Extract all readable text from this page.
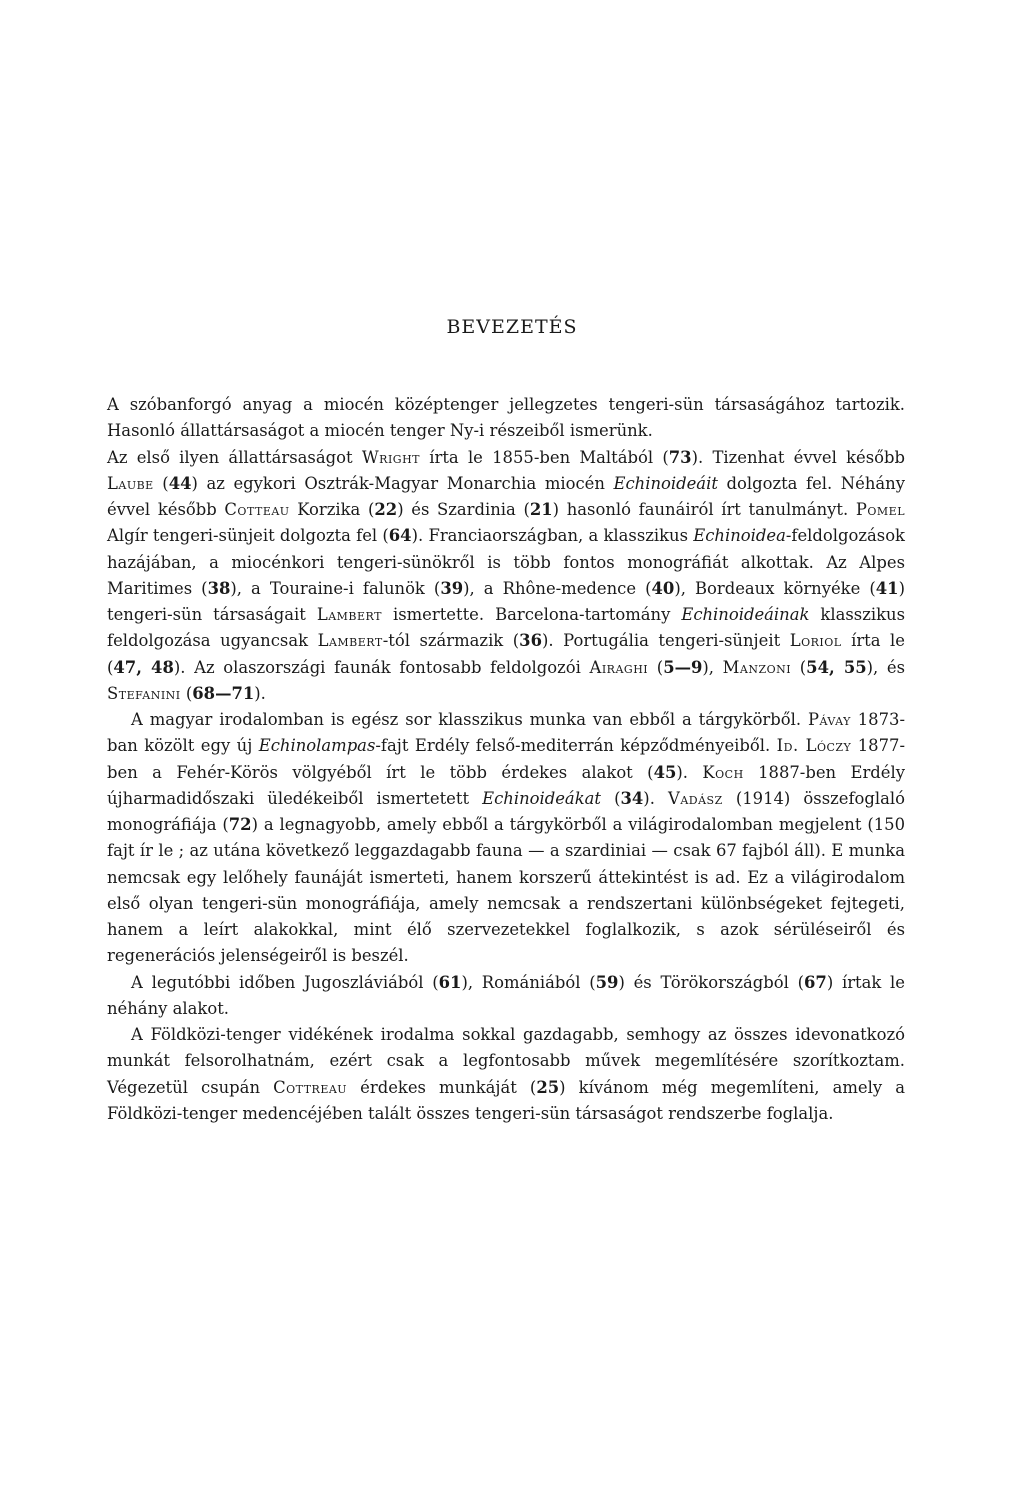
BEVEZETÉS

A szóbanforgó anyag a miocén középtenger jellegzetes tengeri-sün társaságához tartozik. Hasonló állattársaságot a miocén tenger Ny-i részeiből ismerünk.

Az első ilyen állattársaságot Wright írta le 1855-ben Maltából (73). Tizenhat évvel később Laube (44) az egykori Osztrák-Magyar Monarchia miocén Echinoideáit dolgozta fel. Néhány évvel később Cotteau Korzika (22) és Szardinia (21) hasonló faunáiról írt tanulmányt. Pomel Algír tengeri-sünjeit dolgozta fel (64). Franciaországban, a klasszikus Echinoidea-feldolgozások hazájában, a miocénkori tengeri-sünökről is több fontos monográfiát alkottak. Az Alpes Maritimes (38), a Touraine-i falunök (39), a Rhône-medence (40), Bordeaux környéke (41) tengeri-sün társaságait Lambert ismertette. Barcelona-tartomány Echinoideáinak klasszikus feldolgozása ugyancsak Lambert-tól származik (36). Portugália tengeri-sünjeit Loriol írta le (47, 48). Az olaszországi faunák fontosabb feldolgozói Airaghi (5—9), Manzoni (54, 55), és Stefanini (68—71).

A magyar irodalomban is egész sor klasszikus munka van ebből a tárgykörből. Pávay 1873-ban közölt egy új Echinolampas-fajt Erdély felső-mediterrán képződményeiből. Id. Lóczy 1877-ben a Fehér-Körös völgyéből írt le több érdekes alakot (45). Koch 1887-ben Erdély újharmadidőszaki üledékeiből ismertetett Echinoideákat (34). Vadász (1914) összefoglaló monográfiája (72) a legnagyobb, amely ebből a tárgykörből a világirodalomban megjelent (150 fajt ír le ; az utána következő leggazdagabb fauna — a szardiniai — csak 67 fajból áll). E munka nemcsak egy lelőhely faunáját ismerteti, hanem korszerű áttekintést is ad. Ez a világirodalom első olyan tengeri-sün monográfiája, amely nemcsak a rendszertani különbségeket fejtegeti, hanem a leírt alakokkal, mint élő szervezetekkel foglalkozik, s azok sérüléseiről és regenerációs jelenségeiről is beszél.

A legutóbbi időben Jugoszláviából (61), Romániából (59) és Törökországból (67) írtak le néhány alakot.

A Földközi-tenger vidékének irodalma sokkal gazdagabb, semhogy az összes idevonatkozó munkát felsorolhatnám, ezért csak a legfontosabb művek megemlítésére szorítkoztam. Végezetül csupán Cottreau érdekes munkáját (25) kívánom még megemlíteni, amely a Földközi-tenger medencéjében talált összes tengeri-sün társaságot rendszerbe foglalja.
